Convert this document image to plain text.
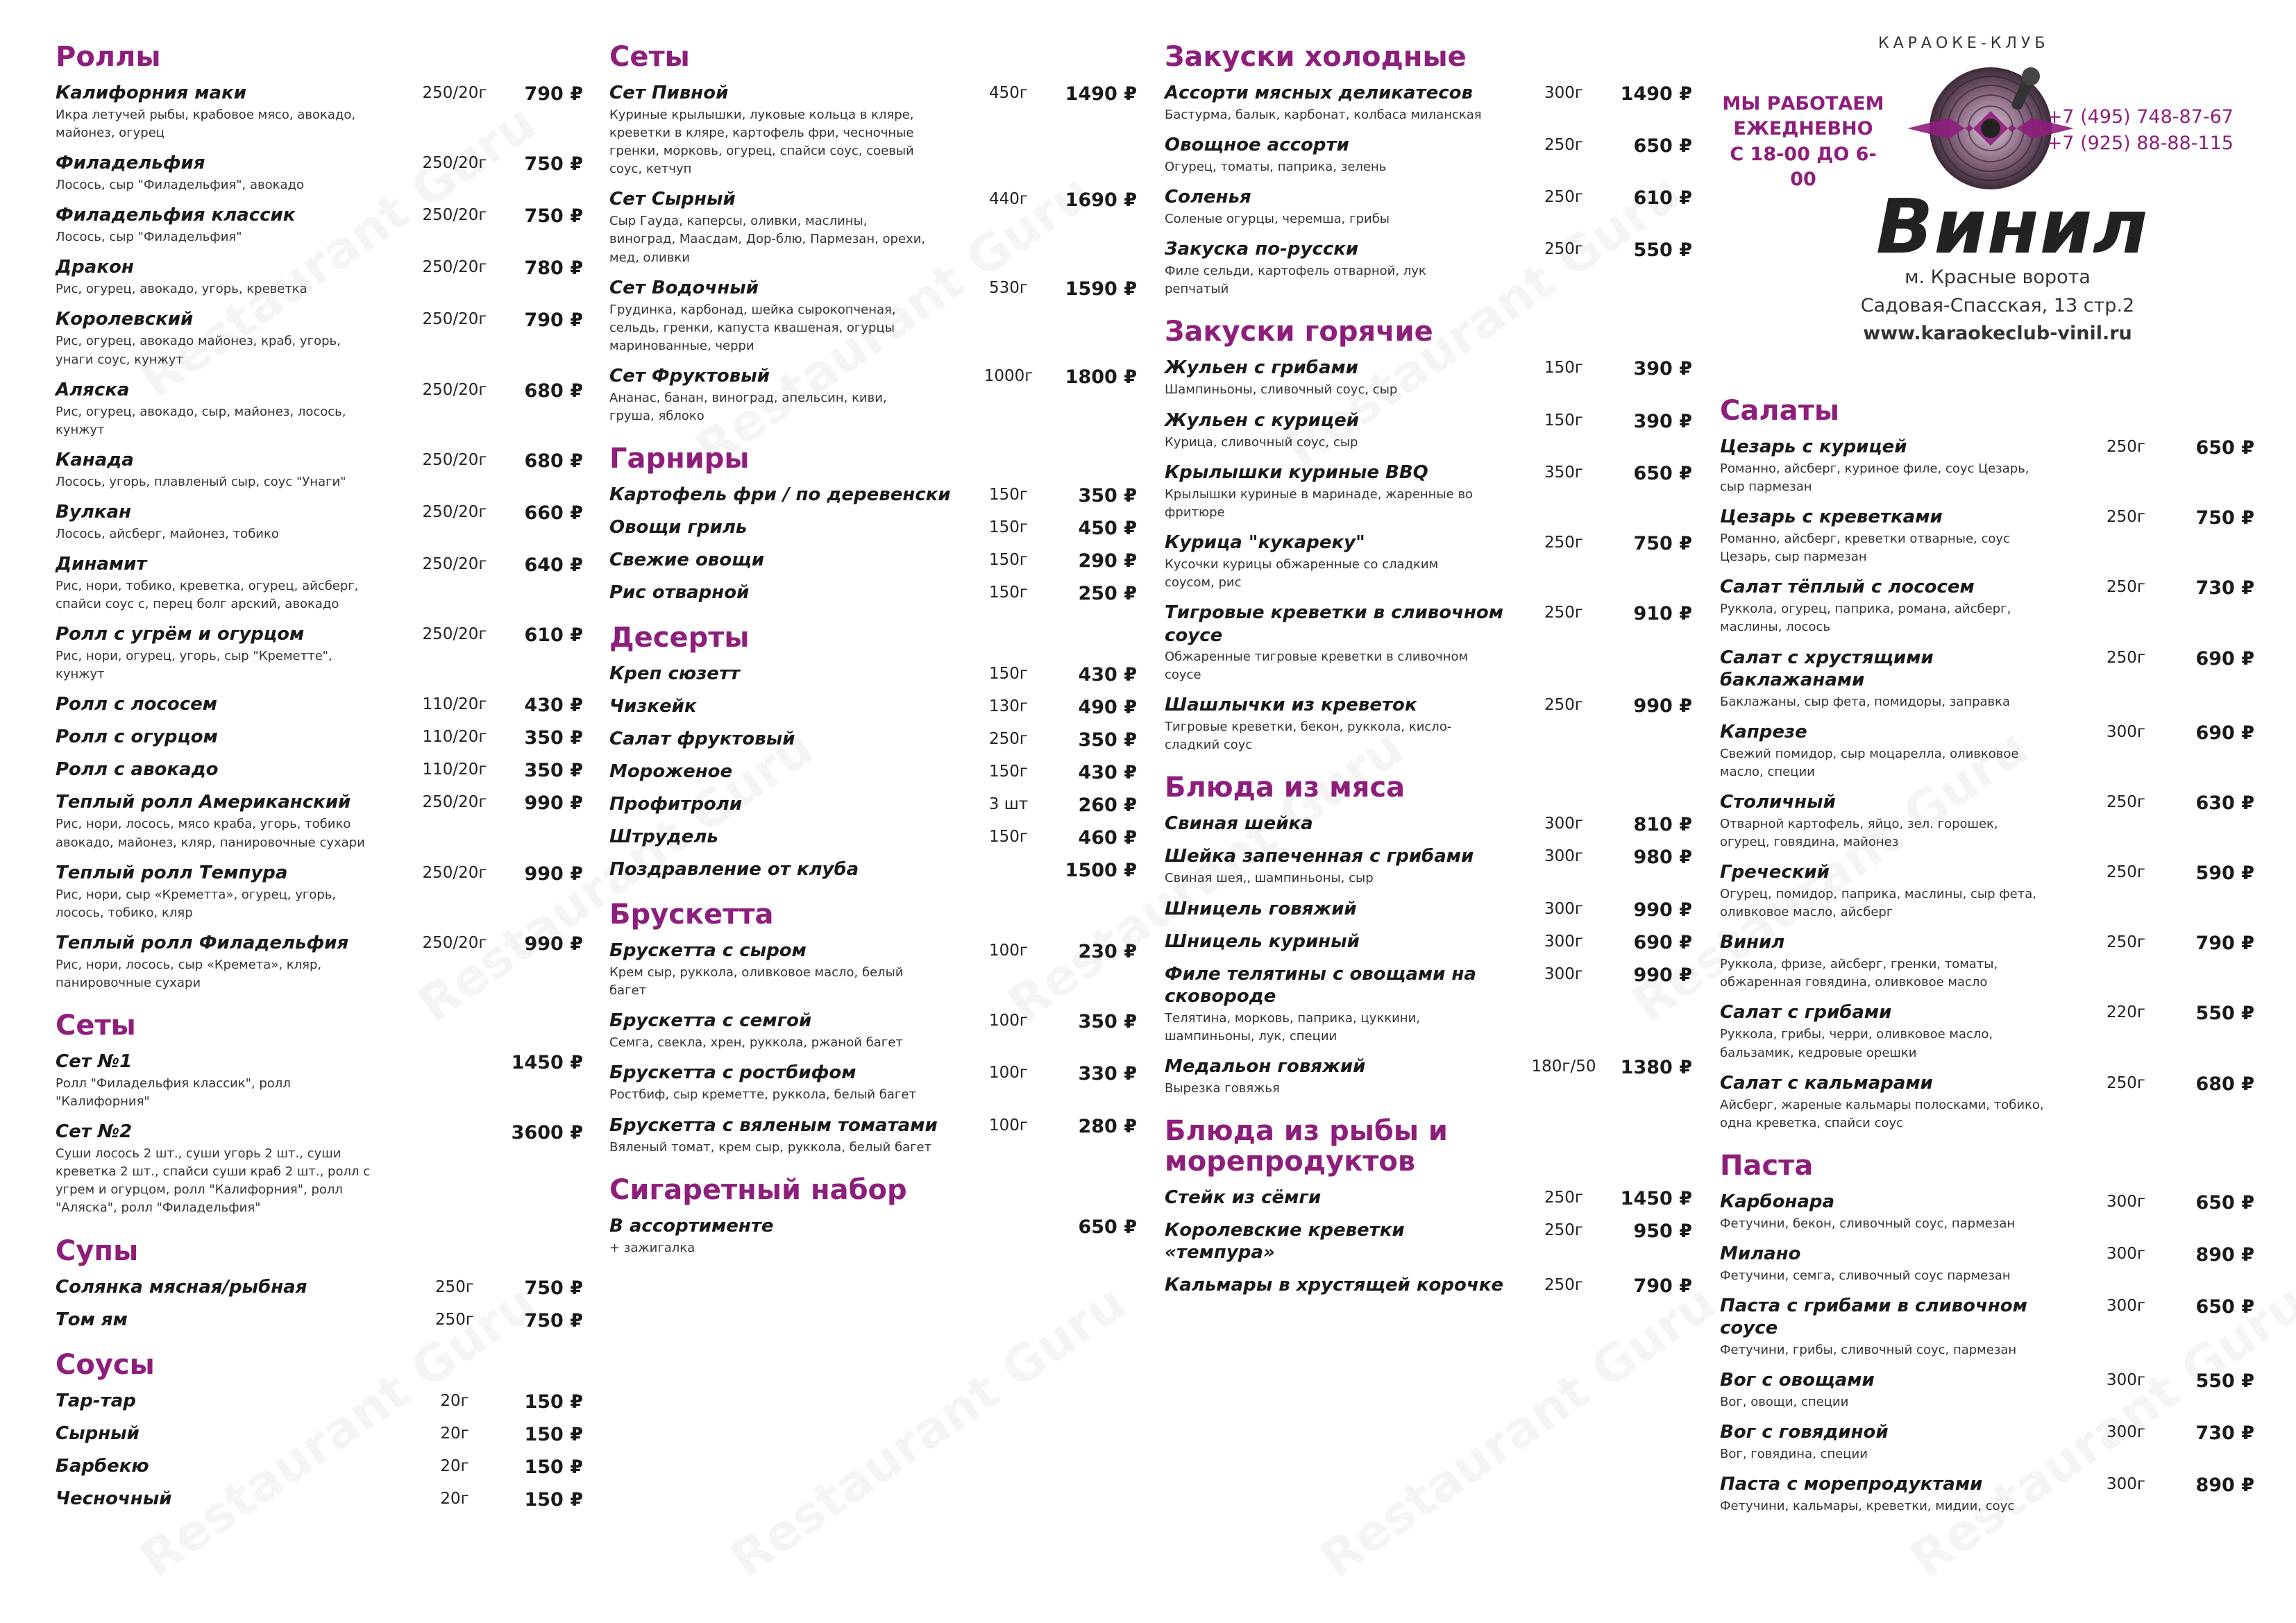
Роллы
Калифорния маки	250/20г	790 ₽
Икра летучей рыбы, крабовое мясо, авокадо, майонез, огурец
Филадельфия	250/20г	750 ₽
Лосось, сыр "Филадельфия", авокадо
Филадельфия классик	250/20г	750 ₽
Лосось, сыр "Филадельфия"
Дракон	250/20г	780 ₽
Рис, огурец, авокадо, угорь, креветка
Королевский	250/20г	790 ₽
Рис, огурец, авокадо майонез, краб, угорь, унаги соус, кунжут
Аляска	250/20г	680 ₽
Рис, огурец, авокадо, сыр, майонез, лосось, кунжут
Канада	250/20г	680 ₽
Лосось, угорь, плавленый сыр, соус "Унаги"
Вулкан	250/20г	660 ₽
Лосось, айсберг, майонез, тобико
Динамит	250/20г	640 ₽
Рис, нори, тобико, креветка, огурец, айсберг, спайси соус с, перец болг арский, авокадо
Ролл с угрём и огурцом	250/20г	610 ₽
Рис, нори, огурец, угорь, сыр "Креметте", кунжут
Ролл с лососем	110/20г	430 ₽
Ролл с огурцом	110/20г	350 ₽
Ролл с авокадо	110/20г	350 ₽
Теплый ролл Американский	250/20г	990 ₽
Рис, нори, лосось, мясо краба, угорь, тобико авокадо, майонез, кляр, панировочные сухари
Теплый ролл Темпура	250/20г	990 ₽
Рис, нори, сыр «Креметта», огурец, угорь, лосось, тобико, кляр
Теплый ролл Филадельфия	250/20г	990 ₽
Рис, нори, лосось, сыр «Кремета», кляр, панировочные сухари
Сеты
Сет №1	1450 ₽
Ролл "Филадельфия классик", ролл "Калифорния"
Сет №2	3600 ₽
Суши лосось 2 шт., суши угорь 2 шт., суши креветка 2 шт., спайси суши краб 2 шт., ролл с угрем и огурцом, ролл "Калифорния", ролл "Аляска", ролл "Филадельфия"
Супы
Солянка мясная/рыбная	250г	750 ₽
Том ям	250г	750 ₽
Соусы
Тар-тар	20г	150 ₽
Сырный	20г	150 ₽
Барбекю	20г	150 ₽
Чесночный	20г	150 ₽
Сеты
Сет Пивной	450г	1490 ₽
Куриные крылышки, луковые кольца в кляре, креветки в кляре, картофель фри, чесночные гренки, морковь, огурец, спайси соус, соевый соус, кетчуп
Сет Сырный	440г	1690 ₽
Сыр Гауда, каперсы, оливки, маслины, виноград, Маасдам, Дор-блю, Пармезан, орехи, мед, оливки
Сет Водочный	530г	1590 ₽
Грудинка, карбонад, шейка сырокопченая, сельдь, гренки, капуста квашеная, огурцы маринованные, черри
Сет Фруктовый	1000г	1800 ₽
Ананас, банан, виноград, апельсин, киви, груша, яблоко
Гарниры
Картофель фри / по деревенски	150г	350 ₽
Овощи гриль	150г	450 ₽
Свежие овощи	150г	290 ₽
Рис отварной	150г	250 ₽
Десерты
Креп сюзетт	150г	430 ₽
Чизкейк	130г	490 ₽
Салат фруктовый	250г	350 ₽
Мороженое	150г	430 ₽
Профитроли	3 шт	260 ₽
Штрудель	150г	460 ₽
Поздравление от клуба	1500 ₽
Брускетта
Брускетта с сыром	100г	230 ₽
Крем сыр, руккола, оливковое масло, белый багет
Брускетта с семгой	100г	350 ₽
Семга, свекла, хрен, руккола, ржаной багет
Брускетта с ростбифом	100г	330 ₽
Ростбиф, сыр креметте, руккола, белый багет
Брускетта с вяленым томатами	100г	280 ₽
Вяленый томат, крем сыр, руккола, белый багет
Сигаретный набор
В ассортименте	650 ₽
+ зажигалка
Закуски холодные
Ассорти мясных деликатесов	300г	1490 ₽
Бастурма, балык, карбонат, колбаса миланская
Овощное ассорти	250г	650 ₽
Огурец, томаты, паприка, зелень
Соленья	250г	610 ₽
Соленые огурцы, черемша, грибы
Закуска по-русски	250г	550 ₽
Филе сельди, картофель отварной, лук репчатый
Закуски горячие
Жульен с грибами	150г	390 ₽
Шампиньоны, сливочный соус, сыр
Жульен с курицей	150г	390 ₽
Курица, сливочный соус, сыр
Крылышки куриные BBQ	350г	650 ₽
Крылышки куриные в маринаде, жаренные во фритюре
Курица "кукареку"	250г	750 ₽
Кусочки курицы обжаренные со сладким соусом, рис
Тигровые креветки в сливочном соусе
250г	910 ₽
Обжаренные тигровые креветки в сливочном соусе
Шашлычки из креветок	250г	990 ₽
Тигровые креветки, бекон, руккола, кисло-сладкий соус
Блюда из мяса
Свиная шейка	300г	810 ₽
Шейка запеченная с грибами	300г	980 ₽
Свиная шея,, шампиньоны, сыр
Шницель говяжий	300г	990 ₽
Шницель куриный	300г	690 ₽
Филе телятины с овощами на сковороде
300г	990 ₽
Телятина, морковь, паприка, цуккини, шампиньоны, лук, специи
Медальон говяжий	180г/50	1380 ₽
Вырезка говяжья
Блюда из рыбы и морепродуктов
Стейк из сёмги	250г	1450 ₽
Королевские креветки «темпура»
250г	950 ₽
Кальмары в хрустящей корочке	250г	790 ₽
КАРАОКЕ-КЛУБ
МЫ РАБОТАЕМ
ЕЖЕДНЕВНО
С 18-00 ДО 6-00
+7 (495) 748-87-67
+7 (925) 88-88-115
Винил
м. Красные ворота
Садовая-Спасская, 13 стр.2
www.karaokeclub-vinil.ru
Салаты
Цезарь с курицей	250г	650 ₽
Романно, айсберг, куриное филе, соус Цезарь, сыр пармезан
Цезарь с креветками	250г	750 ₽
Романно, айсберг, креветки отварные, соус Цезарь, сыр пармезан
Салат тёплый с лососем	250г	730 ₽
Руккола, огурец, паприка, романа, айсберг, маслины, лосось
Салат с хрустящими баклажанами
250г	690 ₽
Баклажаны, сыр фета, помидоры, заправка
Капрезе	300г	690 ₽
Свежий помидор, сыр моцарелла, оливковое масло, специи
Столичный	250г	630 ₽
Отварной картофель, яйцо, зел. горошек, огурец, говядина, майонез
Греческий	250г	590 ₽
Огурец, помидор, паприка, маслины, сыр фета, оливковое масло, айсберг
Винил	250г	790 ₽
Руккола, фризе, айсберг, гренки, томаты, обжаренная говядина, оливковое масло
Салат с грибами	220г	550 ₽
Руккола, грибы, черри, оливковое масло, бальзамик, кедровые орешки
Салат с кальмарами	250г	680 ₽
Айсберг, жареные кальмары полосками, тобико, одна креветка, спайси соус
Паста
Карбонара	300г	650 ₽
Фетучини, бекон, сливочный соус, пармезан
Милано	300г	890 ₽
Фетучини, семга, сливочный соус пармезан
Паста с грибами в сливочном соусе
300г	650 ₽
Фетучини, грибы, сливочный соус, пармезан
Вог с овощами	300г	550 ₽
Вог, овощи, специи
Вог с говядиной	300г	730 ₽
Вог, говядина, специи
Паста с морепродуктами	300г	890 ₽
Фетучини, кальмары, креветки, мидии, соус
